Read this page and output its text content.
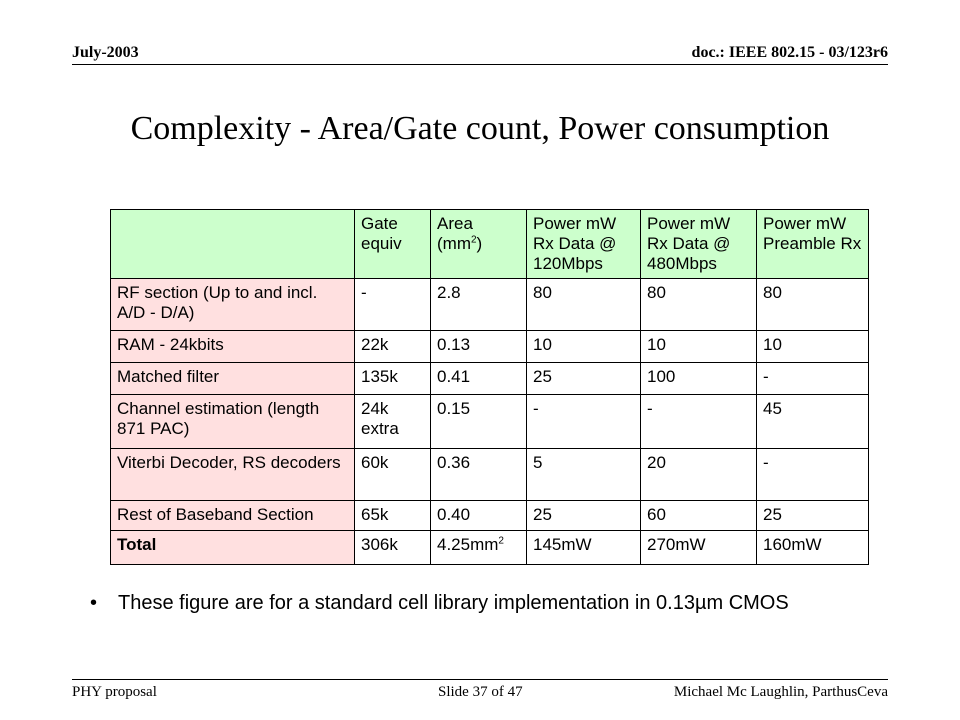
July-2003	doc.: IEEE 802.15 - 03/123r6
Complexity - Area/Gate count, Power consumption
	Gate equiv	Area $(mm^2)$	Power mW Rx Data @ 120Mbps	Power mW Rx Data @ 480Mbps	Power mW Preamble Rx
RF section (Up to and incl. A/D - D/A)	-	2.8	80	80	80
RAM - 24kbits	22k	0.13	10	10	10
Matched filter	135k	0.41	25	100	-
Channel estimation (length 871 PAC)	24k extra	0.15	-	-	45
Viterbi Decoder, RS decoders	60k	0.36	5	20	-
Rest of Baseband Section	65k	0.40	25	60	25
Total	306k	$4.25mm^2$	145mW	270mW	160mW
• These figure are for a standard cell library implementation in 0.13µm CMOS
PHY proposal	Slide 37 of 47	Michael Mc Laughlin, ParthusCeva
